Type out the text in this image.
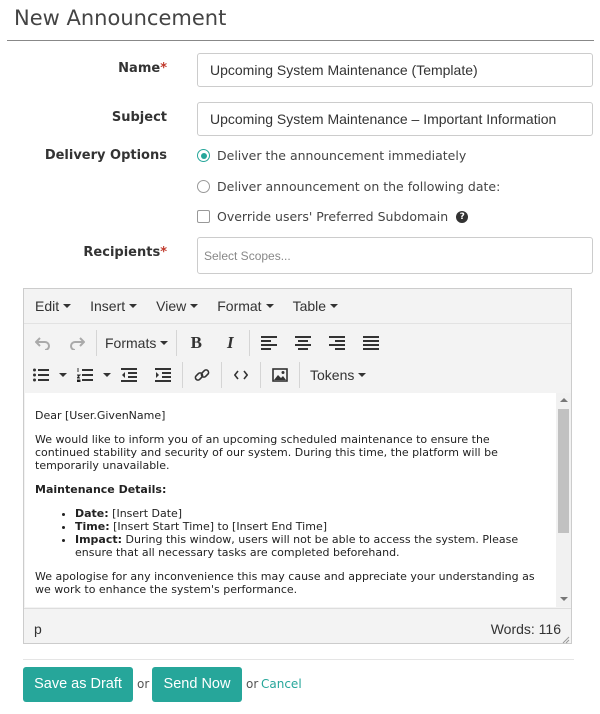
New Announcement
Name*	Upcoming System Maintenance (Template)
Subject	Upcoming System Maintenance – Important Information
Delivery Options	Deliver the announcement immediately
Deliver announcement on the following date:
Override users' Preferred Subdomain	?
Recipients*	Select Scopes...
Edit Insert View Format Table
Formats	B	I
Tokens

Dear [User.GivenName]

We would like to inform you of an upcoming scheduled maintenance to ensure the continued stability and security of our system. During this time, the platform will be temporarily unavailable.

Maintenance Details:

• Date: [Insert Date]
• Time: [Insert Start Time] to [Insert End Time]
• Impact: During this window, users will not be able to access the system. Please ensure that all necessary tasks are completed beforehand.

We apologise for any inconvenience this may cause and appreciate your understanding as we work to enhance the system's performance.

p	Words: 116
Save as Draft	or Send Now	or Cancel
